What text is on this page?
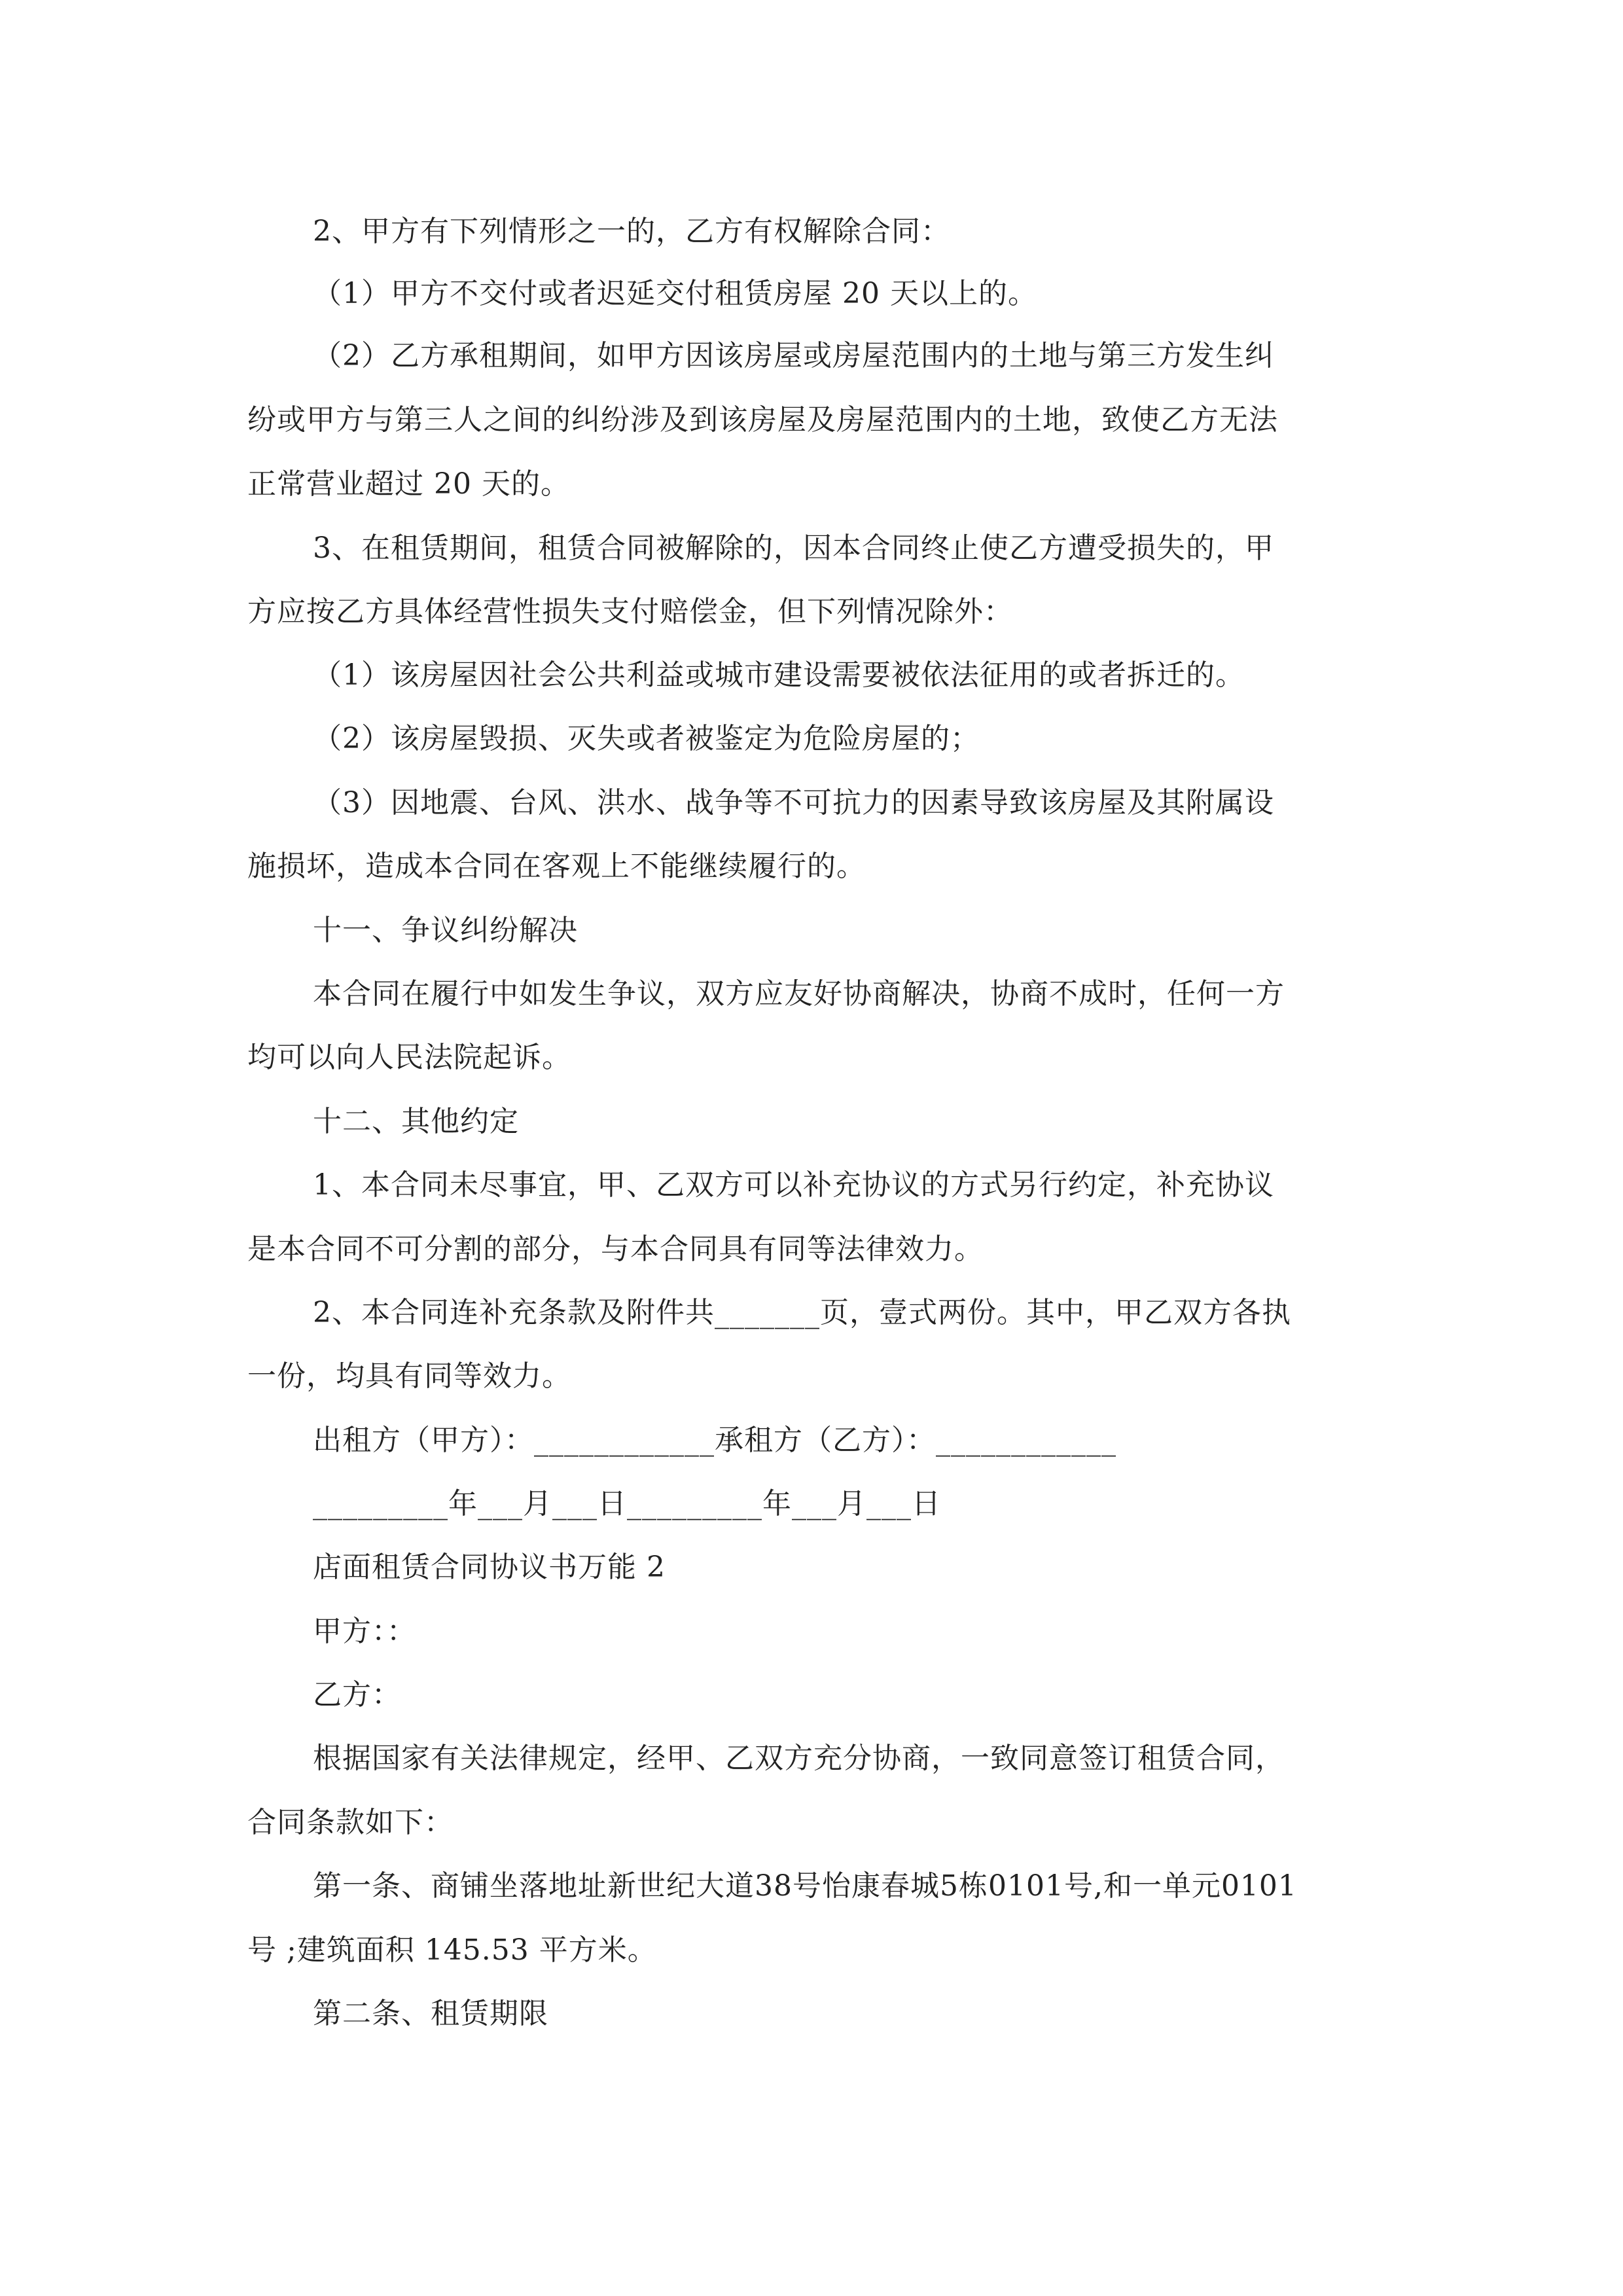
2、甲方有下列情形之一的，乙方有权解除合同：
（1）甲方不交付或者迟延交付租赁房屋 20 天以上的。
（2）乙方承租期间，如甲方因该房屋或房屋范围内的土地与第三方发生纠
纷或甲方与第三人之间的纠纷涉及到该房屋及房屋范围内的土地，致使乙方无法
正常营业超过 20 天的。
3、在租赁期间，租赁合同被解除的，因本合同终止使乙方遭受损失的，甲
方应按乙方具体经营性损失支付赔偿金，但下列情况除外：
（1）该房屋因社会公共利益或城市建设需要被依法征用的或者拆迁的。
（2）该房屋毁损、灭失或者被鉴定为危险房屋的；
（3）因地震、台风、洪水、战争等不可抗力的因素导致该房屋及其附属设
施损坏，造成本合同在客观上不能继续履行的。
十一、争议纠纷解决
本合同在履行中如发生争议，双方应友好协商解决，协商不成时，任何一方
均可以向人民法院起诉。
十二、其他约定
1、本合同未尽事宜，甲、乙双方可以补充协议的方式另行约定，补充协议
是本合同不可分割的部分，与本合同具有同等法律效力。
2、本合同连补充条款及附件共_______页，壹式两份。其中，甲乙双方各执
一份，均具有同等效力。
出租方（甲方）：____________承租方（乙方）：____________
_________年___月___日_________年___月___日
店面租赁合同协议书万能 2
甲方：：
乙方：
根据国家有关法律规定，经甲、乙双方充分协商，一致同意签订租赁合同，
合同条款如下：
第一条、商铺坐落地址新世纪大道38号怡康春城5栋0101号,和一单元0101
号 ;建筑面积 145.53 平方米。
第二条、租赁期限
